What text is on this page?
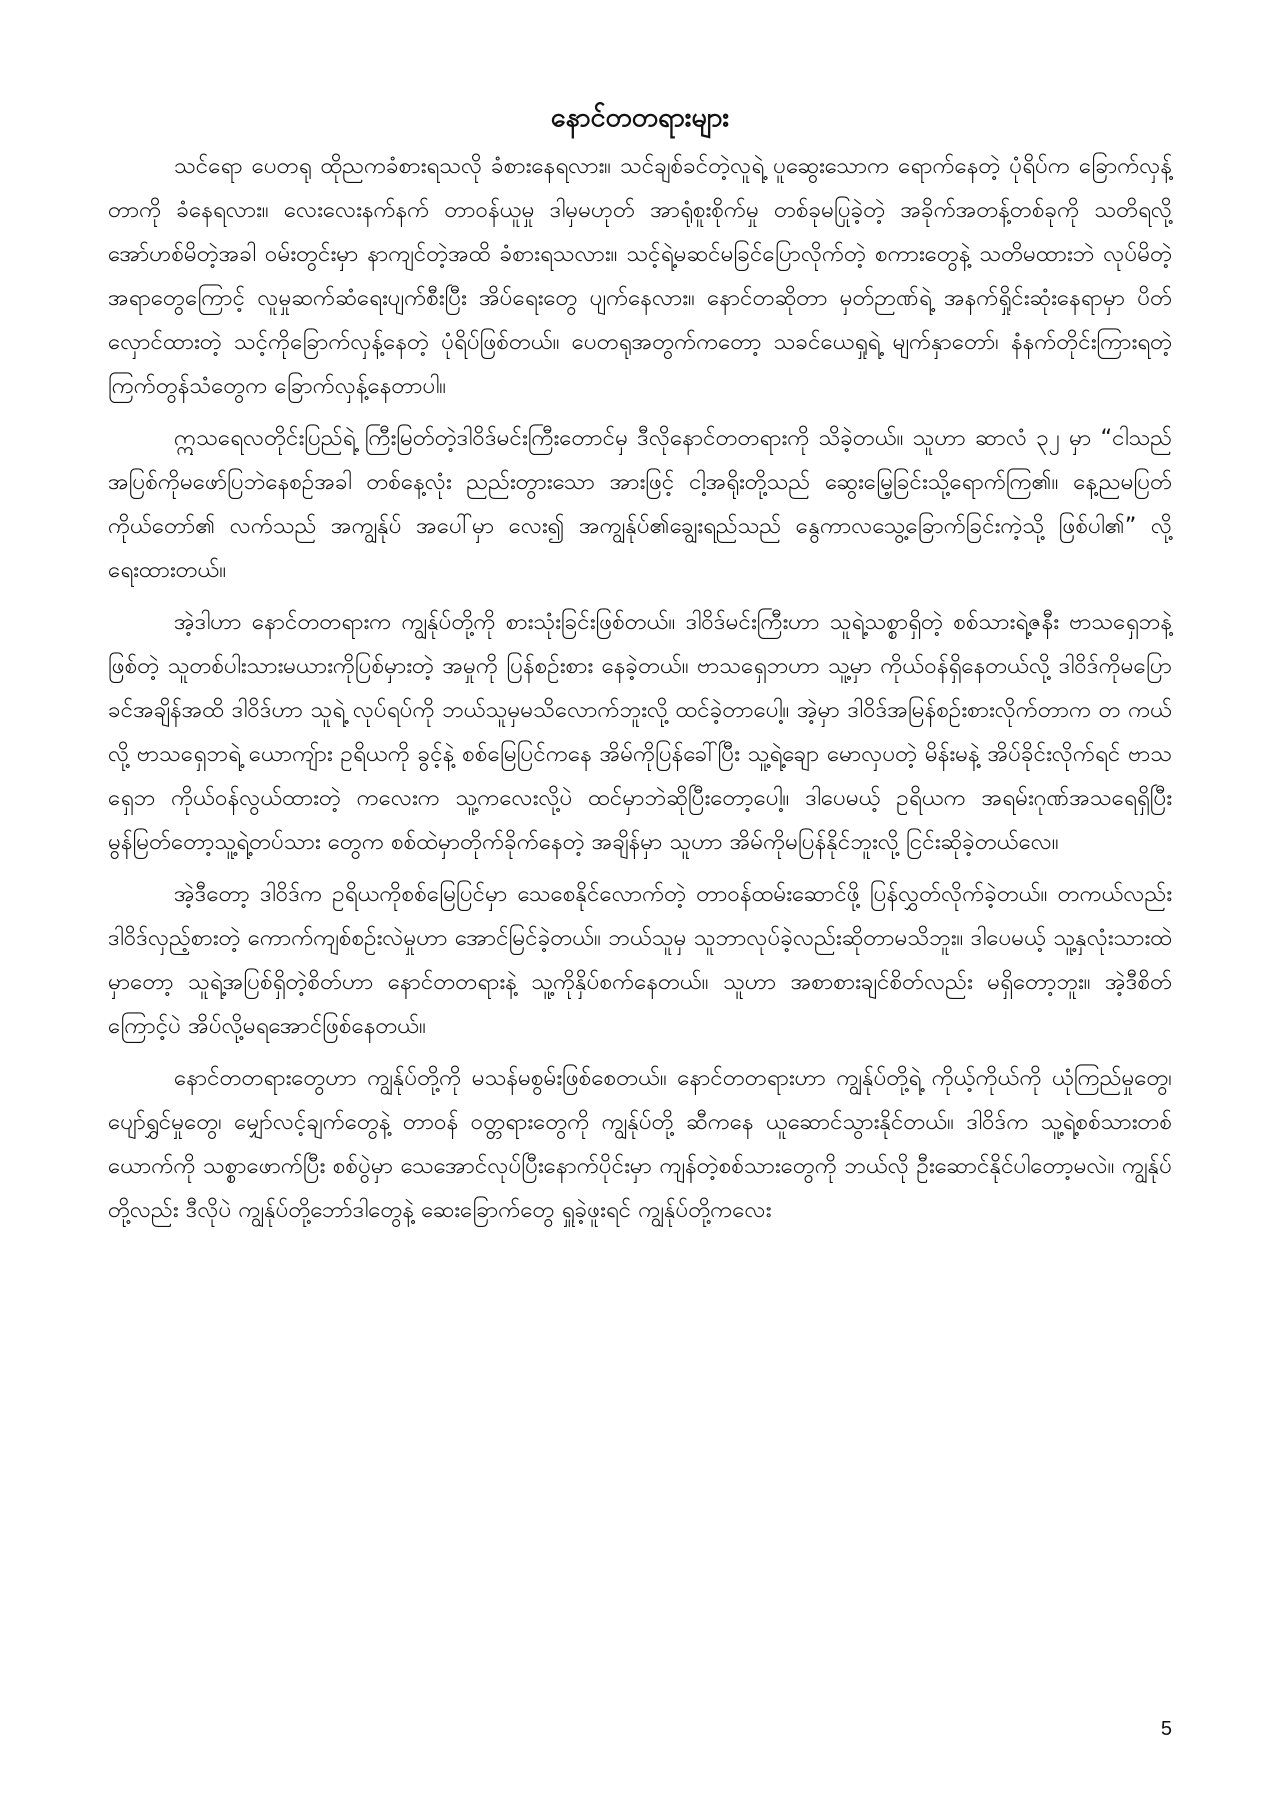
နောင်တတရားများ

သင်ရော ပေတရု ထိုညကခံစားရသလို ခံစားနေရလား။ သင်ချစ်ခင်တဲ့လူရဲ့ ပူဆွေးသောက ရောက်နေတဲ့ ပုံရိပ်က ခြောက်လှန့်တာကို ခံနေရလား။ လေးလေးနက်နက် တာဝန်ယူမှု ဒါမှမဟုတ် အာရုံစူးစိုက်မှု တစ်ခုမပြုခဲ့တဲ့ အခိုက်အတန့်တစ်ခုကို သတိရလို့ အော်ဟစ်မိတဲ့အခါ ဝမ်းတွင်းမှာ နာကျင်တဲ့အထိ ခံစားရသလား။ သင့်ရဲ့မဆင်မခြင်ပြောလိုက်တဲ့ စကားတွေနဲ့ သတိမထားဘဲ လုပ်မိတဲ့ အရာတွေကြောင့် လူမှုဆက်ဆံရေးပျက်စီးပြီး အိပ်ရေးတွေ ပျက်နေလား။ နောင်တဆိုတာ မှတ်ဉာဏ်ရဲ့ အနက်ရှိုင်းဆုံးနေရာမှာ ပိတ်လှောင်ထားတဲ့ သင့်ကိုခြောက်လှန့်နေတဲ့ ပုံရိပ်ဖြစ်တယ်။ ပေတရုအတွက်ကတော့ သခင်ယေရှုရဲ့ မျက်နှာတော်၊ နံနက်တိုင်းကြားရတဲ့ ကြက်တွန်သံတွေက ခြောက်လှန့်နေတာပါ။

ဣသရေလတိုင်းပြည်ရဲ့ ကြီးမြတ်တဲ့ဒါဝိဒ်မင်းကြီးတောင်မှ ဒီလိုနောင်တတရားကို သိခဲ့တယ်။ သူဟာ ဆာလံ ၃၂ မှာ “ငါသည်အပြစ်ကိုမဖော်ပြဘဲနေစဉ်အခါ တစ်နေ့လုံး ညည်းတွားသော အားဖြင့် ငါ့အရိုးတို့သည် ဆွေးမြေ့ခြင်းသို့ရောက်ကြ၏။ နေ့ညမပြတ် ကိုယ်တော်၏ လက်သည် အကျွန်ုပ် အပေါ်မှာ လေး၍ အကျွန်ုပ်၏ချွေးရည်သည် နွေကာလသွေ့ခြောက်ခြင်းကဲ့သို့ ဖြစ်ပါ၏” လို့ရေးထားတယ်။

အဲ့ဒါဟာ နောင်တတရားက ကျွန်ုပ်တို့ကို စားသုံးခြင်းဖြစ်တယ်။ ဒါဝိဒ်မင်းကြီးဟာ သူရဲ့သစ္စာရှိတဲ့ စစ်သားရဲ့ဇနီး ဗာသရှေဘနဲ့ဖြစ်တဲ့ သူတစ်ပါးသားမယားကိုပြစ်မှားတဲ့ အမှုကို ပြန်စဉ်းစား နေခဲ့တယ်။ ဗာသရှေဘဟာ သူ့မှာ ကိုယ်ဝန်ရှိနေတယ်လို့ ဒါဝိဒ်ကိုမပြောခင်အချိန်အထိ ဒါဝိဒ်ဟာ သူရဲ့ လုပ်ရပ်ကို ဘယ်သူမှမသိလောက်ဘူးလို့ ထင်ခဲ့တာပေါ့။ အဲ့မှာ ဒါဝိဒ်အမြန်စဉ်းစားလိုက်တာက တ ကယ်လို့ ဗာသရှေဘရဲ့ ယောကျ်ား ဥရိယကို ခွင့်နဲ့ စစ်မြေပြင်ကနေ အိမ်ကိုပြန်ခေါ်ပြီး သူ့ရဲ့ချော မောလှပတဲ့ မိန်းမနဲ့ အိပ်ခိုင်းလိုက်ရင် ဗာသရှေဘ ကိုယ်ဝန်လွယ်ထားတဲ့ ကလေးက သူ့ကလေးလို့ပဲ ထင်မှာဘဲဆိုပြီးတော့ပေါ့။ ဒါပေမယ့် ဥရိယက အရမ်းဂုဏ်အသရေရှိပြီး မွန်မြတ်တော့သူ့ရဲ့တပ်သား တွေက စစ်ထဲမှာတိုက်ခိုက်နေတဲ့ အချိန်မှာ သူဟာ အိမ်ကိုမပြန်နိုင်ဘူးလို့ ငြင်းဆိုခဲ့တယ်လေ။

အဲ့ဒီတော့ ဒါဝိဒ်က ဥရိယကိုစစ်မြေပြင်မှာ သေစေနိုင်လောက်တဲ့ တာဝန်ထမ်းဆောင်ဖို့ ပြန်လွှတ်လိုက်ခဲ့တယ်။ တကယ်လည်း ဒါဝိဒ်လှည့်စားတဲ့ ကောက်ကျစ်စဉ်းလဲမှုဟာ အောင်မြင်ခဲ့တယ်။ ဘယ်သူမှ သူဘာလုပ်ခဲ့လည်းဆိုတာမသိဘူး။ ဒါပေမယ့် သူ့နှလုံးသားထဲမှာတော့ သူရဲ့အပြစ်ရှိတဲ့စိတ်ဟာ နောင်တတရားနဲ့ သူ့ကိုနှိပ်စက်နေတယ်။ သူဟာ အစာစားချင်စိတ်လည်း မရှိတော့ဘူး။ အဲ့ဒီစိတ်ကြောင့်ပဲ အိပ်လို့မရအောင်ဖြစ်နေတယ်။

နောင်တတရားတွေဟာ ကျွန်ုပ်တို့ကို မသန်မစွမ်းဖြစ်စေတယ်။ နောင်တတရားဟာ ကျွန်ုပ်တို့ရဲ့ ကိုယ့်ကိုယ်ကို ယုံကြည်မှုတွေ၊ ပျော်ရွှင်မှုတွေ၊ မျှော်လင့်ချက်တွေနဲ့ တာဝန် ဝတ္တရားတွေကို ကျွန်ုပ်တို့ ဆီကနေ ယူဆောင်သွားနိုင်တယ်။ ဒါဝိဒ်က သူ့ရဲ့စစ်သားတစ်ယောက်ကို သစ္စာဖောက်ပြီး စစ်ပွဲမှာ သေအောင်လုပ်ပြီးနောက်ပိုင်းမှာ ကျန်တဲ့စစ်သားတွေကို ဘယ်လို ဦးဆောင်နိုင်ပါတော့မလဲ။ ကျွန်ုပ်တို့လည်း ဒီလိုပဲ ကျွန်ုပ်တို့ဘော်ဒါတွေနဲ့ ဆေးခြောက်တွေ ရှူခဲ့ဖူးရင် ကျွန်ုပ်တို့ကလေး

5
